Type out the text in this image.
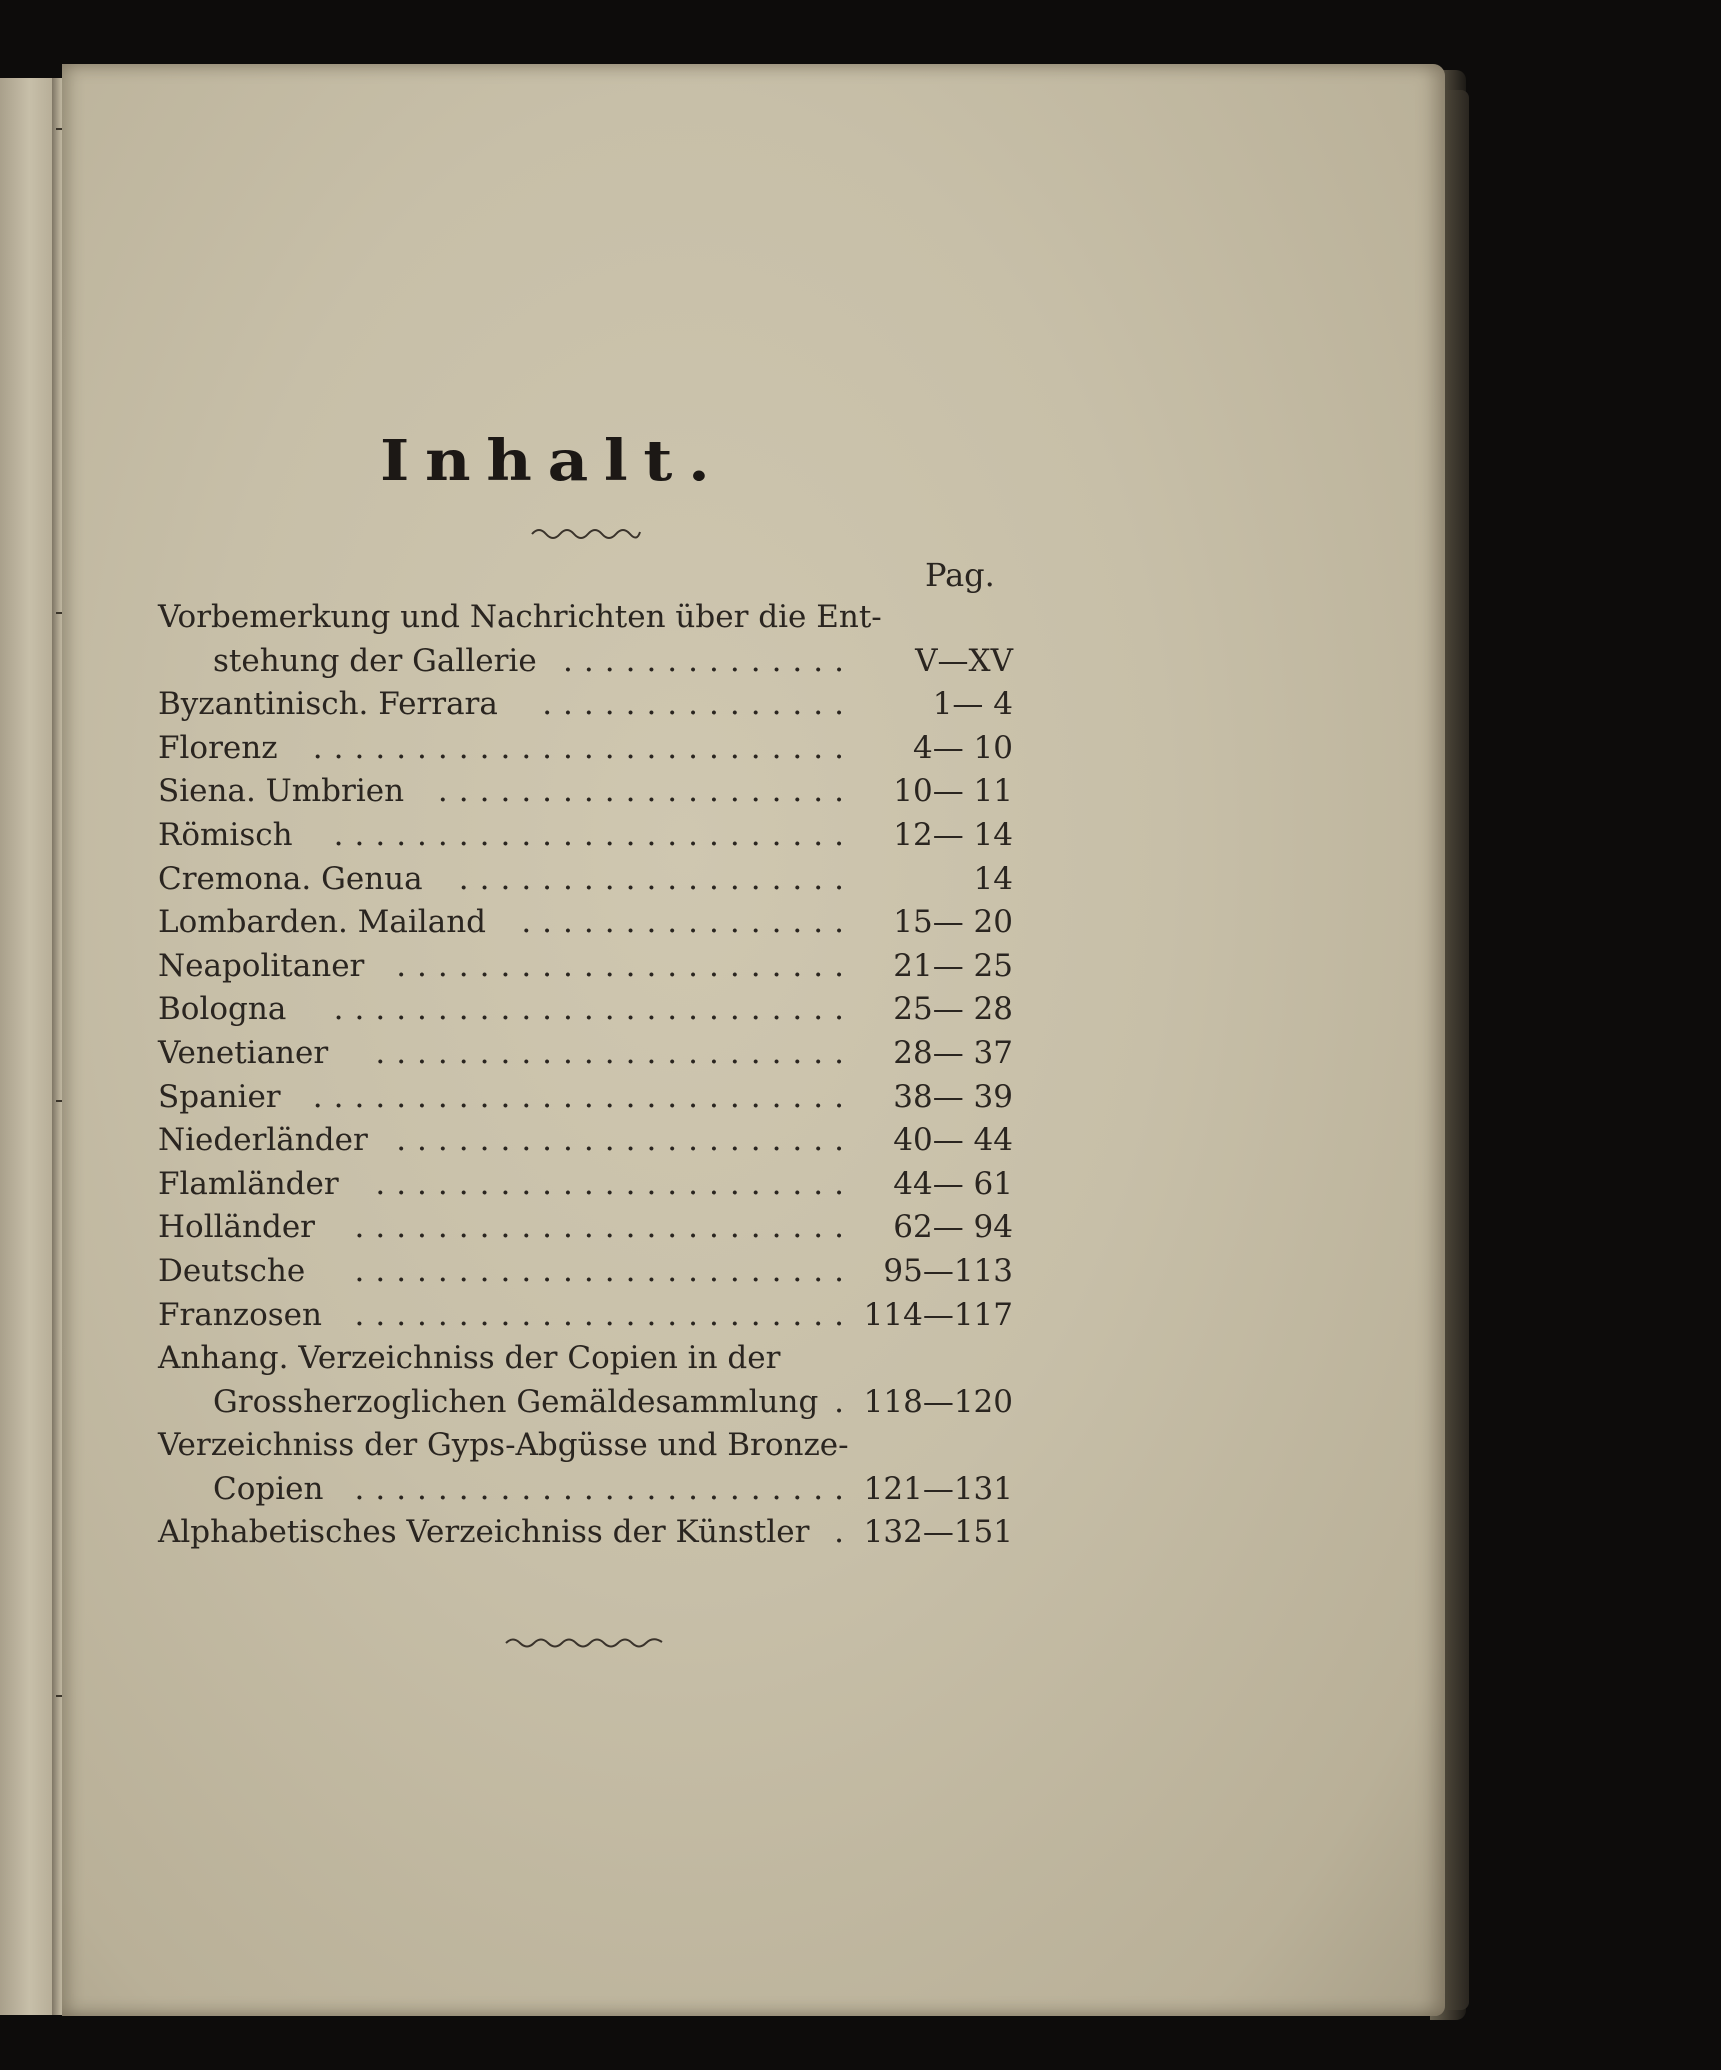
Inhalt.
Pag.
Vorbemerkung und Nachrichten über die Ent-
stehung der Gallerie .............. V—XV
Byzantinisch. Ferrara	...............	1— 4
Florenz	.......................... 4— 10
Siena. Umbrien	.................... 10— 11
Römisch	......................... 12— 14
Cremona. Genua	...................	14
Lombarden. Mailand	................ 15— 20
Neapolitaner	...................... 21— 25
Bologna	......................... 25— 28
Venetianer	....................... 28— 37
Spanier	.......................... 38— 39
Niederländer ...................... 40— 44
Flamländer	....................... 44— 61
Holländer	........................ 62— 94
Deutsche	........................ 95—113
Franzosen	........................ 114—117
Anhang. Verzeichniss der Copien in der
Grossherzoglichen Gemäldesammlung . 118—120
Verzeichniss der Gyps-Abgüsse und Bronze-
Copien	........................ 121—131
Alphabetisches Verzeichniss der Künstler . 132—151
